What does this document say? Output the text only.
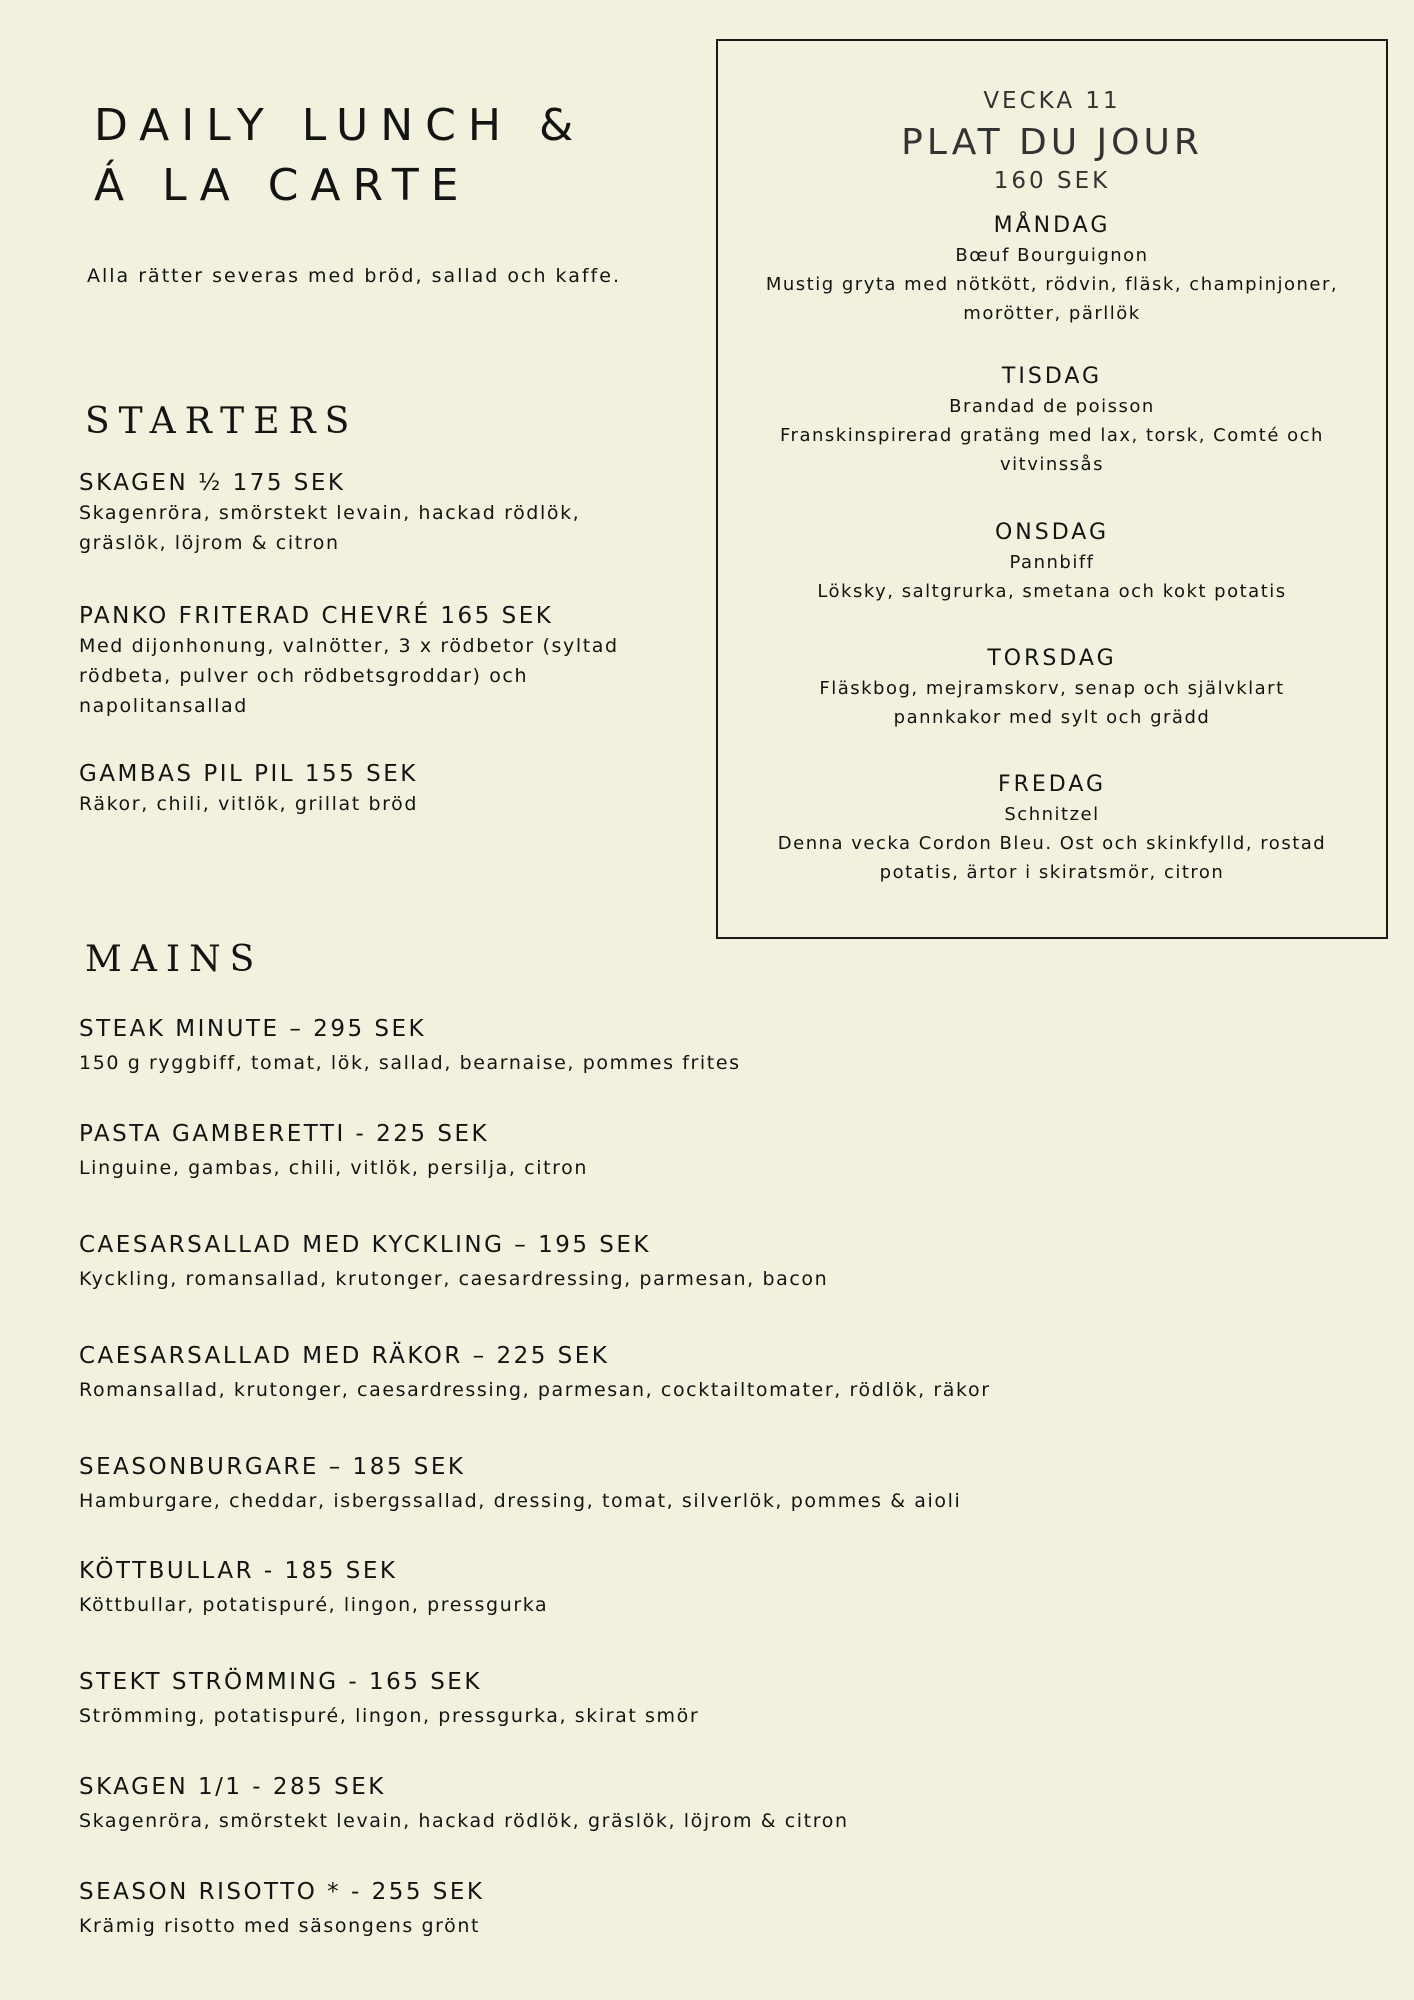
DAILY LUNCH &
Á LA CARTE

Alla rätter severas med bröd, sallad och kaffe.

STARTERS

SKAGEN ½ 175 SEK

Skagenröra, smörstekt levain, hackad rödlök, gräslök, löjrom & citron

PANKO FRITERAD CHEVRÉ 165 SEK

Med dijonhonung, valnötter, 3 x rödbetor (syltad rödbeta, pulver och rödbetsgroddar) och napolitansallad

GAMBAS PIL PIL 155 SEK

Räkor, chili, vitlök, grillat bröd

VECKA 11
PLAT DU JOUR
160 SEK
MÅNDAG
Bœuf Bourguignon
Mustig gryta med nötkött, rödvin, fläsk, champinjoner, morötter, pärllök
TISDAG
Brandad de poisson
Franskinspirerad gratäng med lax, torsk, Comté och vitvinssås
ONSDAG
Pannbiff
Löksky, saltgrurka, smetana och kokt potatis
TORSDAG
Fläskbog, mejramskorv, senap och självklart
pannkakor med sylt och grädd
FREDAG
Schnitzel
Denna vecka Cordon Bleu. Ost och skinkfylld, rostad potatis, ärtor i skiratsmör, citron
MAINS

STEAK MINUTE – 295 SEK

150 g ryggbiff, tomat, lök, sallad, bearnaise, pommes frites

PASTA GAMBERETTI - 225 SEK

Linguine, gambas, chili, vitlök, persilja, citron

CAESARSALLAD MED KYCKLING – 195 SEK

Kyckling, romansallad, krutonger, caesardressing, parmesan, bacon

CAESARSALLAD MED RÄKOR – 225 SEK

Romansallad, krutonger, caesardressing, parmesan, cocktailtomater, rödlök, räkor

SEASONBURGARE – 185 SEK

Hamburgare, cheddar, isbergssallad, dressing, tomat, silverlök, pommes & aioli

KÖTTBULLAR - 185 SEK

Köttbullar, potatispuré, lingon, pressgurka

STEKT STRÖMMING - 165 SEK

Strömming, potatispuré, lingon, pressgurka, skirat smör

SKAGEN 1/1 - 285 SEK

Skagenröra, smörstekt levain, hackad rödlök, gräslök, löjrom & citron

SEASON RISOTTO * - 255 SEK

Krämig risotto med säsongens grönt
